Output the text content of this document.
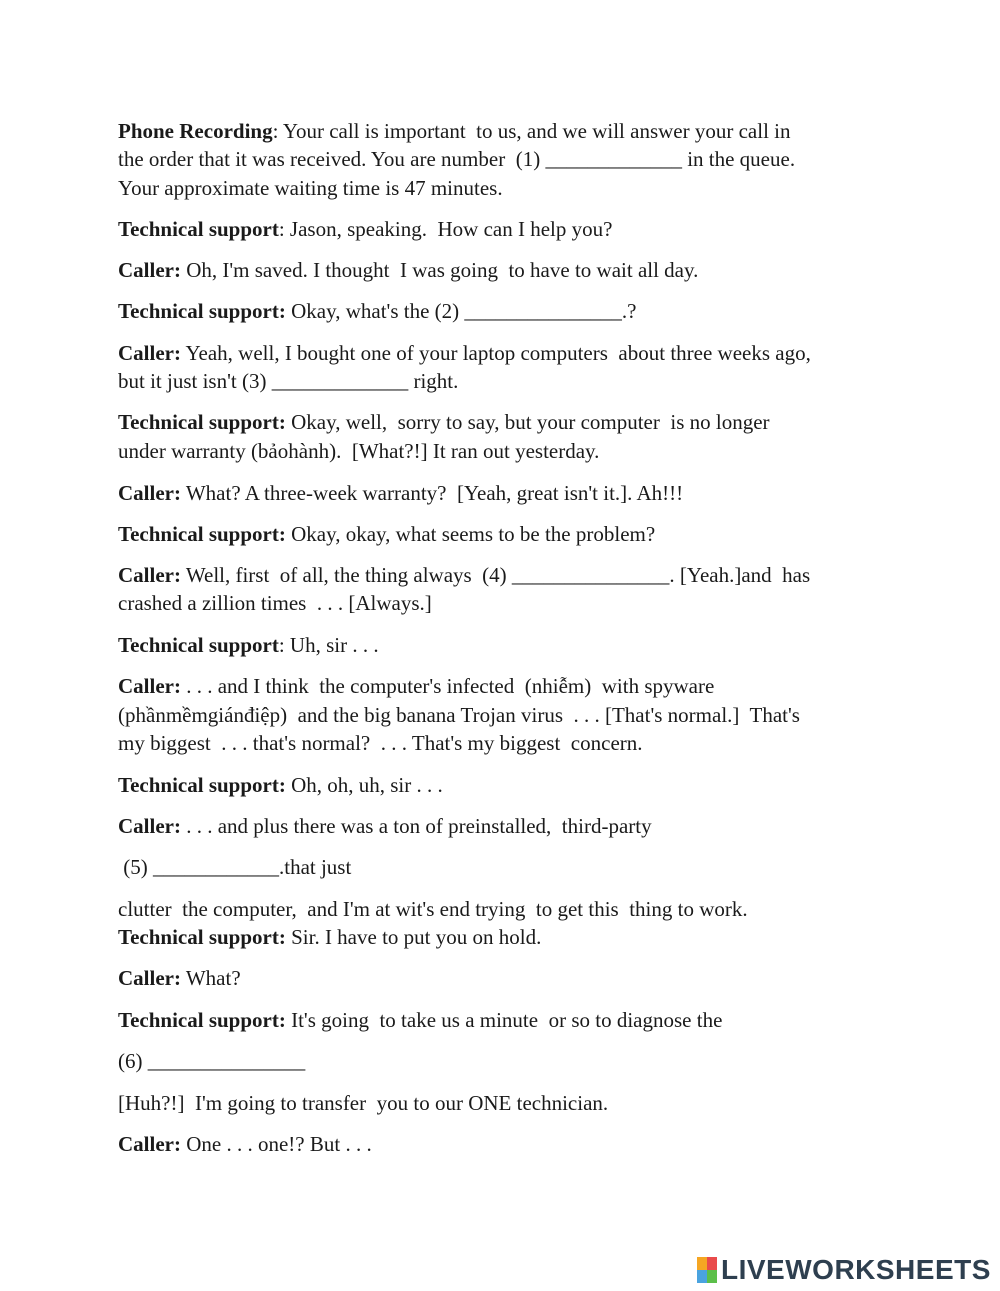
Phone Recording: Your call is important  to us, and we will answer your call in
the order that it was received. You are number  (1) _____________ in the queue.
Your approximate waiting time is 47 minutes.
Technical support: Jason, speaking.  How can I help you?
Caller: Oh, I'm saved. I thought  I was going  to have to wait all day.
Technical support: Okay, what's the (2) _______________.?
Caller: Yeah, well, I bought one of your laptop computers  about three weeks ago,
but it just isn't (3) _____________ right.
Technical support: Okay, well,  sorry to say, but your computer  is no longer
under warranty (bảohành).  [What?!] It ran out yesterday.
Caller: What? A three-week warranty?  [Yeah, great isn't it.]. Ah!!!
Technical support: Okay, okay, what seems to be the problem?
Caller: Well, first  of all, the thing always  (4) _______________. [Yeah.]and  has
crashed a zillion times  . . . [Always.]
Technical support: Uh, sir . . .
Caller: . . . and I think  the computer's infected  (nhiễm)  with spyware
(phầnmềmgiánđiệp)  and the big banana Trojan virus  . . . [That's normal.]  That's
my biggest  . . . that's normal?  . . . That's my biggest  concern.
Technical support: Oh, oh, uh, sir . . .
Caller: . . . and plus there was a ton of preinstalled,  third-party
(5) ____________.that just
clutter  the computer,  and I'm at wit's end trying  to get this  thing to work.
Technical support: Sir. I have to put you on hold.
Caller: What?
Technical support: It's going  to take us a minute  or so to diagnose the
(6) _______________
[Huh?!]  I'm going to transfer  you to our ONE technician.
Caller: One . . . one!? But . . .
LIVEWORKSHEETS
